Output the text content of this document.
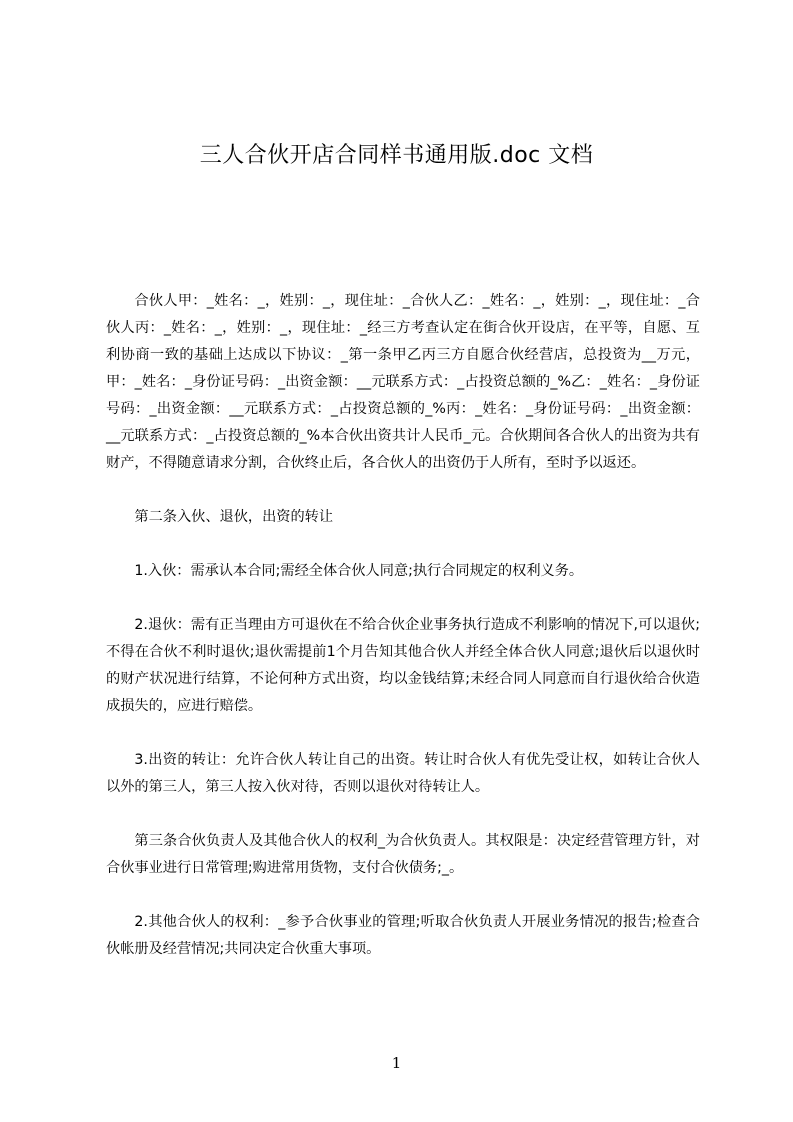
三人合伙开店合同样书通用版.doc 文档

合伙人甲：_姓名：_，姓别：_，现住址：_合伙人乙：_姓名：_，姓别：_，现住址：_合伙人丙：_姓名：_，姓别：_，现住址：_经三方考查认定在街合伙开设店，在平等，自愿、互利协商一致的基础上达成以下协议：_第一条甲乙丙三方自愿合伙经营店，总投资为__万元，甲：_姓名：_身份证号码：_出资金额：__元联系方式：_占投资总额的_%乙：_姓名：_身份证号码：_出资金额：__元联系方式：_占投资总额的_%丙：_姓名：_身份证号码：_出资金额：__元联系方式：_占投资总额的_%本合伙出资共计人民币_元。合伙期间各合伙人的出资为共有财产，不得随意请求分割，合伙终止后，各合伙人的出资仍于人所有，至时予以返还。

第二条入伙、退伙，出资的转让

1.入伙：需承认本合同;需经全体合伙人同意;执行合同规定的权利义务。

2.退伙：需有正当理由方可退伙在不给合伙企业事务执行造成不利影响的情况下,可以退伙;不得在合伙不利时退伙;退伙需提前1个月告知其他合伙人并经全体合伙人同意;退伙后以退伙时的财产状况进行结算，不论何种方式出资，均以金钱结算;未经合同人同意而自行退伙给合伙造成损失的，应进行赔偿。

3.出资的转让：允许合伙人转让自己的出资。转让时合伙人有优先受让权，如转让合伙人以外的第三人，第三人按入伙对待，否则以退伙对待转让人。

第三条合伙负责人及其他合伙人的权利_为合伙负责人。其权限是：决定经营管理方针，对合伙事业进行日常管理;购进常用货物，支付合伙债务;_。

2.其他合伙人的权利：_参予合伙事业的管理;听取合伙负责人开展业务情况的报告;检查合伙帐册及经营情况;共同决定合伙重大事项。

1
